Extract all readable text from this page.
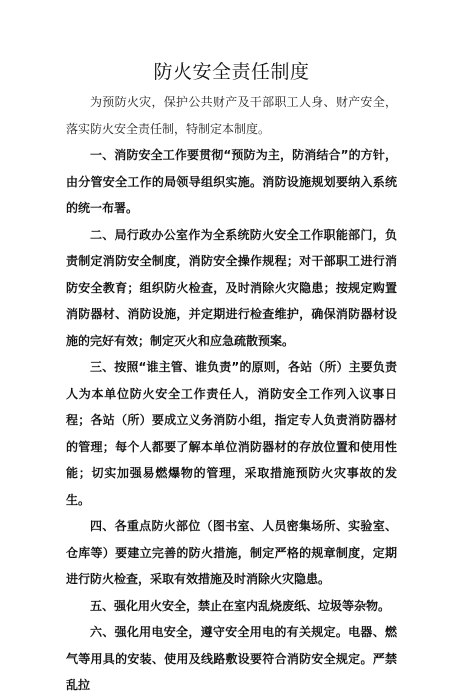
防火安全责任制度

为预防火灾，保护公共财产及干部职工人身、财产安全，落实防火安全责任制，特制定本制度。

一、消防安全工作要贯彻“预防为主，防消结合”的方针，由分管安全工作的局领导组织实施。消防设施规划要纳入系统的统一布署。

二、局行政办公室作为全系统防火安全工作职能部门，负责制定消防安全制度，消防安全操作规程；对干部职工进行消防安全教育；组织防火检查，及时消除火灾隐患；按规定购置消防器材、消防设施，并定期进行检查维护，确保消防器材设施的完好有效；制定灭火和应急疏散预案。

三、按照“谁主管、谁负责”的原则，各站（所）主要负责人为本单位防火安全工作责任人，消防安全工作列入议事日程；各站（所）要成立义务消防小组，指定专人负责消防器材的管理；每个人都要了解本单位消防器材的存放位置和使用性能；切实加强易燃爆物的管理，采取措施预防火灾事故的发生。

四、各重点防火部位（图书室、人员密集场所、实验室、仓库等）要建立完善的防火措施，制定严格的规章制度，定期进行防火检查，采取有效措施及时消除火灾隐患。

五、强化用火安全，禁止在室内乱烧废纸、垃圾等杂物。

六、强化用电安全，遵守安全用电的有关规定。电器、燃气等用具的安装、使用及线路敷设要符合消防安全规定。严禁乱拉
